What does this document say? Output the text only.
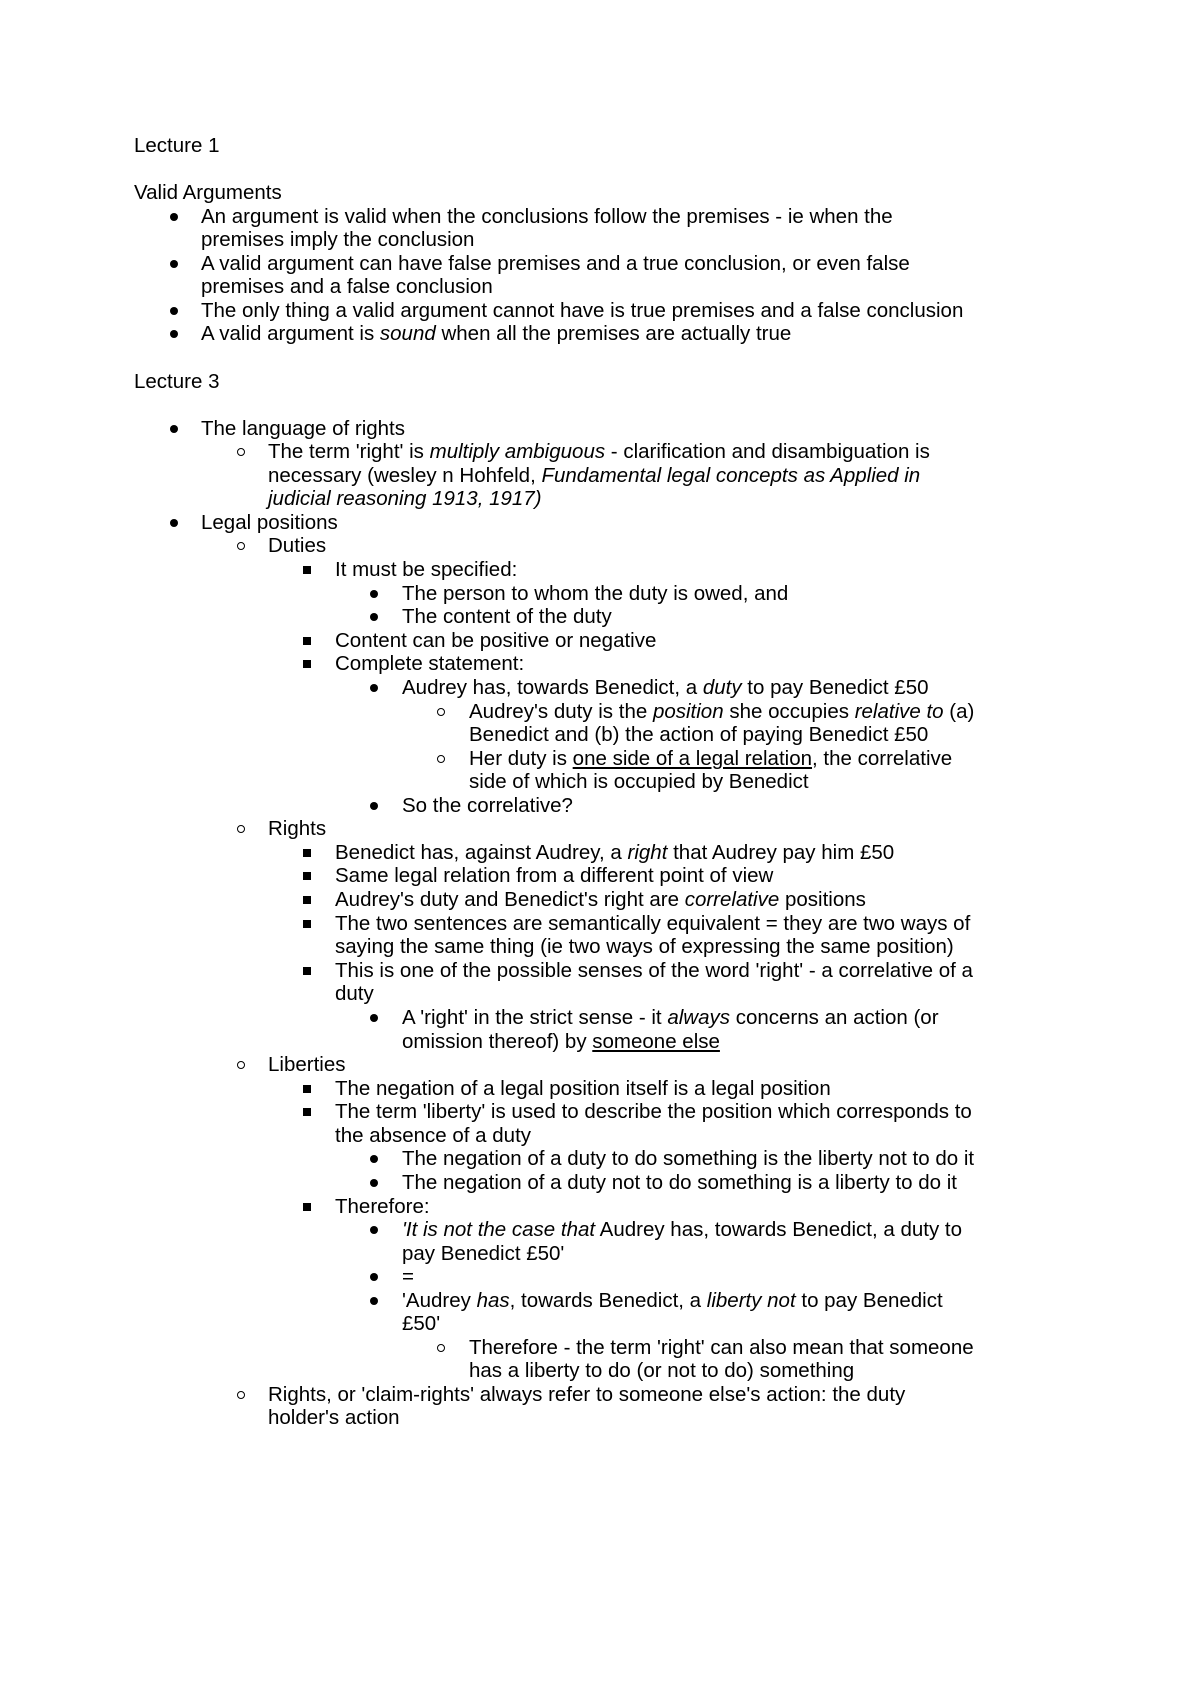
Lecture 1
Valid Arguments
An argument is valid when the conclusions follow the premises - ie when the
premises imply the conclusion
A valid argument can have false premises and a true conclusion, or even false
premises and a false conclusion
The only thing a valid argument cannot have is true premises and a false conclusion
A valid argument is sound when all the premises are actually true
Lecture 3
The language of rights
The term 'right' is multiply ambiguous - clarification and disambiguation is
necessary (wesley n Hohfeld, Fundamental legal concepts as Applied in
judicial reasoning 1913, 1917)
Legal positions
Duties
It must be specified:
The person to whom the duty is owed, and
The content of the duty
Content can be positive or negative
Complete statement:
Audrey has, towards Benedict, a duty to pay Benedict £50
Audrey's duty is the position she occupies relative to (a)
Benedict and (b) the action of paying Benedict £50
Her duty is one side of a legal relation, the correlative
side of which is occupied by Benedict
So the correlative?
Rights
Benedict has, against Audrey, a right that Audrey pay him £50
Same legal relation from a different point of view
Audrey's duty and Benedict's right are correlative positions
The two sentences are semantically equivalent = they are two ways of
saying the same thing (ie two ways of expressing the same position)
This is one of the possible senses of the word 'right' - a correlative of a
duty
A 'right' in the strict sense - it always concerns an action (or
omission thereof) by someone else
Liberties
The negation of a legal position itself is a legal position
The term 'liberty' is used to describe the position which corresponds to
the absence of a duty
The negation of a duty to do something is the liberty not to do it
The negation of a duty not to do something is a liberty to do it
Therefore:
'It is not the case that Audrey has, towards Benedict, a duty to
pay Benedict £50'
=
'Audrey has, towards Benedict, a liberty not to pay Benedict
£50'
Therefore - the term 'right' can also mean that someone
has a liberty to do (or not to do) something
Rights, or 'claim-rights' always refer to someone else's action: the duty
holder's action
